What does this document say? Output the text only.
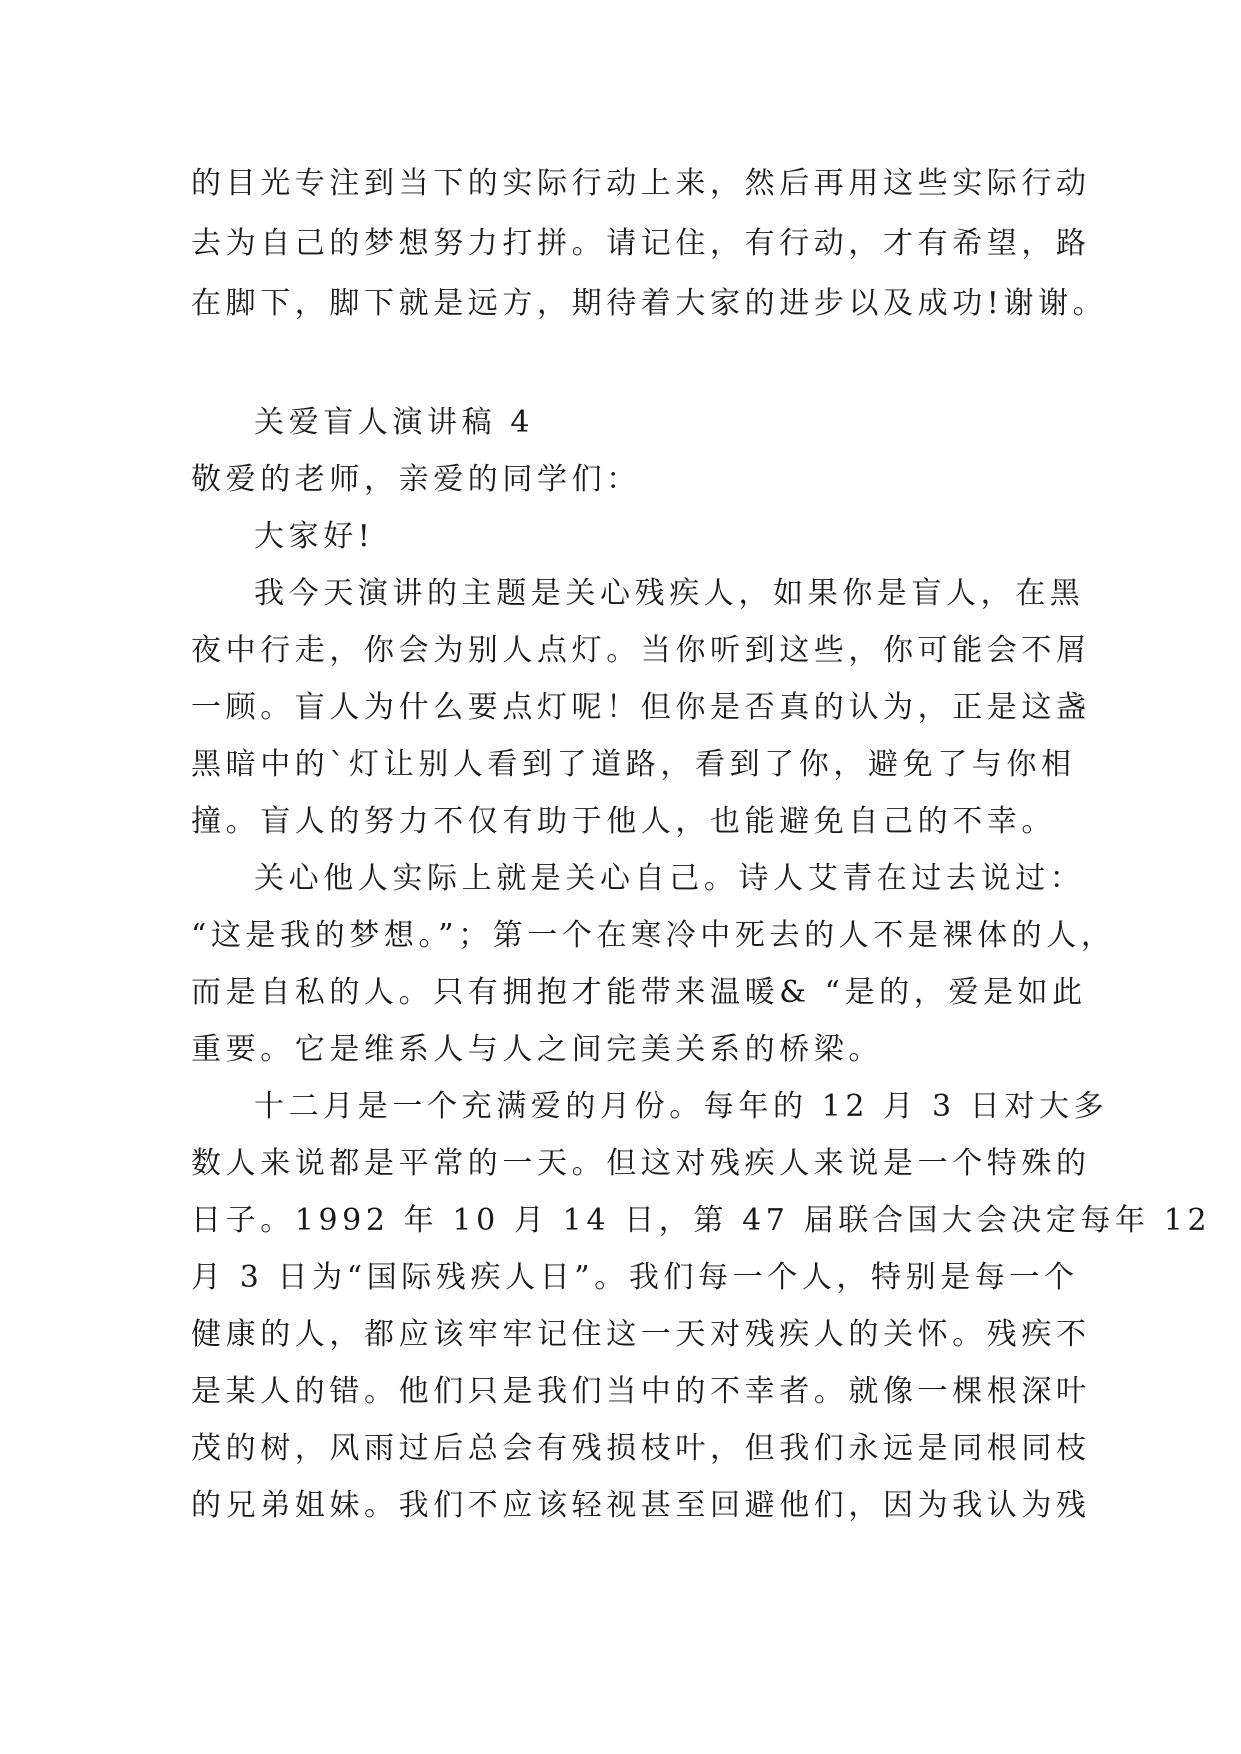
的目光专注到当下的实际行动上来，然后再用这些实际行动
去为自己的梦想努力打拼。请记住，有行动，才有希望，路
在脚下，脚下就是远方，期待着大家的进步以及成功!谢谢。
关爱盲人演讲稿 4
敬爱的老师，亲爱的同学们：
大家好!
我今天演讲的主题是关心残疾人，如果你是盲人，在黑
夜中行走，你会为别人点灯。当你听到这些，你可能会不屑
一顾。盲人为什么要点灯呢！但你是否真的认为，正是这盏
黑暗中的`灯让别人看到了道路，看到了你，避免了与你相
撞。盲人的努力不仅有助于他人，也能避免自己的不幸。
关心他人实际上就是关心自己。诗人艾青在过去说过：
“这是我的梦想。”；第一个在寒冷中死去的人不是裸体的人，
而是自私的人。只有拥抱才能带来温暖& “是的，爱是如此
重要。它是维系人与人之间完美关系的桥梁。
十二月是一个充满爱的月份。每年的 12 月 3 日对大多
数人来说都是平常的一天。但这对残疾人来说是一个特殊的
日子。1992 年 10 月 14 日，第 47 届联合国大会决定每年 12
月 3 日为“国际残疾人日”。我们每一个人，特别是每一个
健康的人，都应该牢牢记住这一天对残疾人的关怀。残疾不
是某人的错。他们只是我们当中的不幸者。就像一棵根深叶
茂的树，风雨过后总会有残损枝叶，但我们永远是同根同枝
的兄弟姐妹。我们不应该轻视甚至回避他们，因为我认为残
